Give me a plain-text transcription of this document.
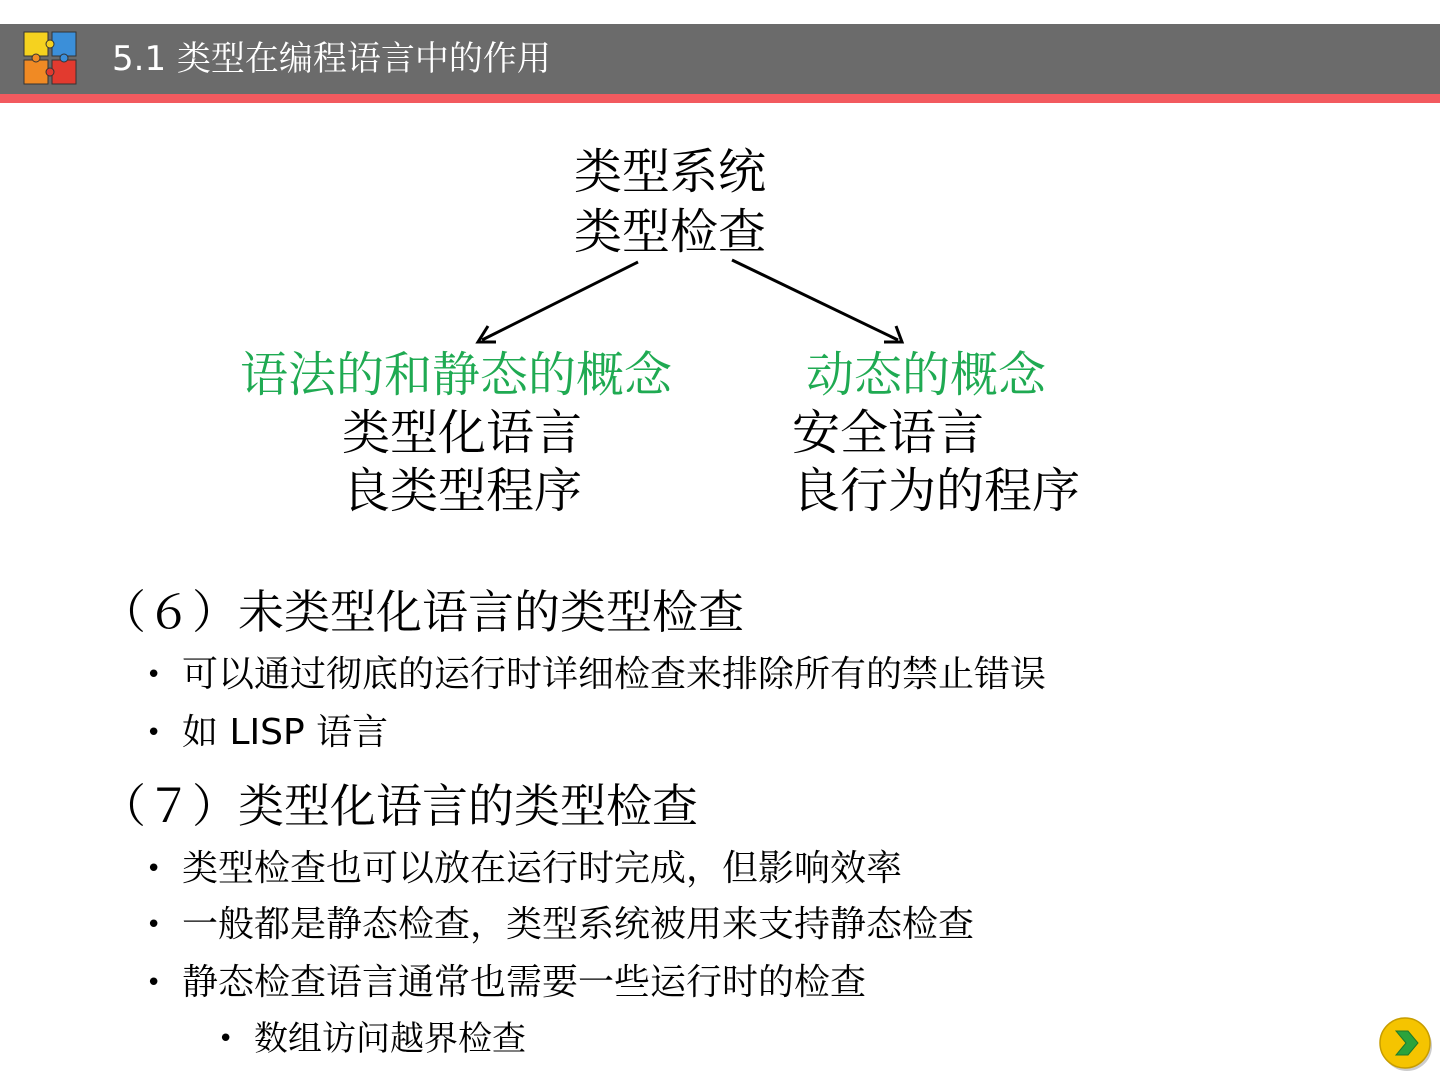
5.1 类型在编程语言中的作用
类型系统
类型检查
语法的和静态的概念
类型化语言
良类型程序
动态的概念
安全语言
良行为的程序
（６）未类型化语言的类型检查
• 可以通过彻底的运行时详细检查来排除所有的禁止错误
• 如 LISP 语言
（７）类型化语言的类型检查
• 类型检查也可以放在运行时完成，但影响效率
• 一般都是静态检查，类型系统被用来支持静态检查
• 静态检查语言通常也需要一些运行时的检查
• 数组访问越界检查
